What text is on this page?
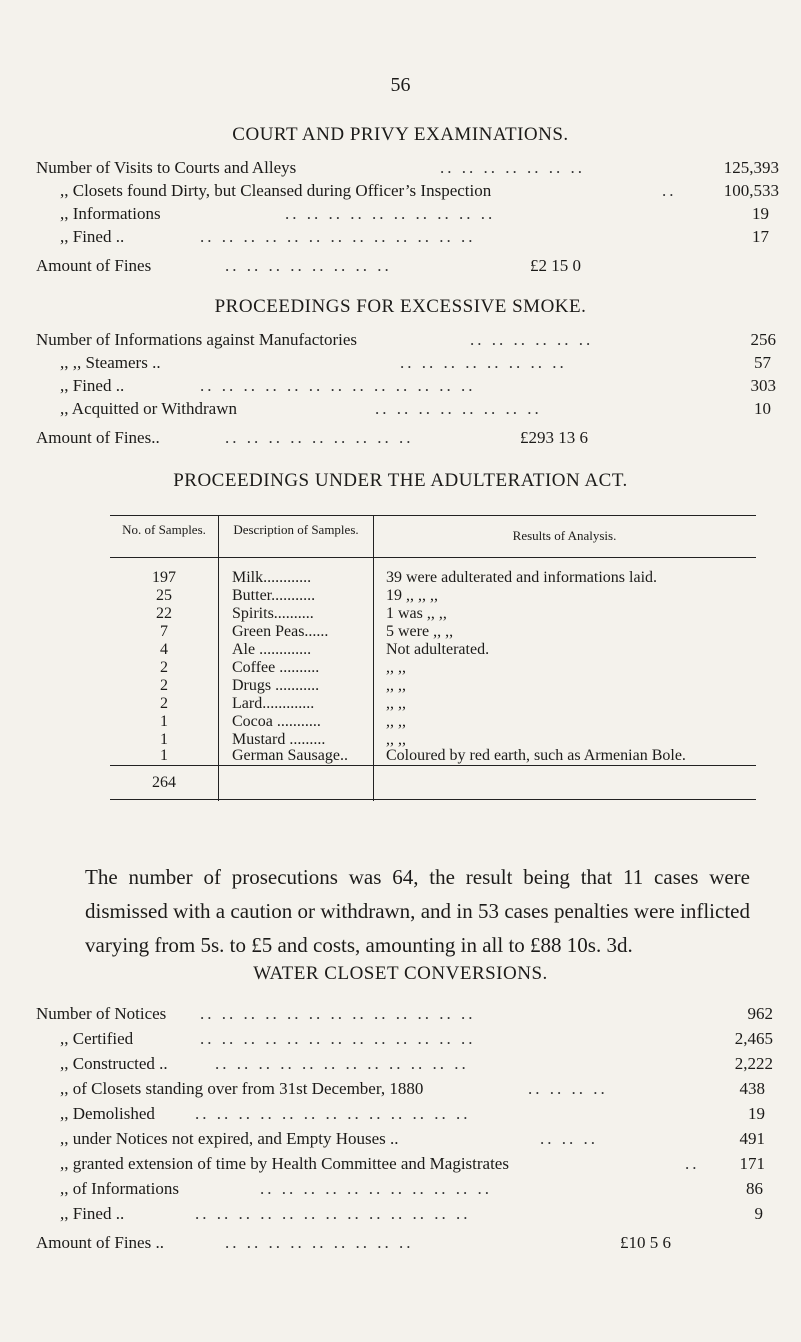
56
COURT AND PRIVY EXAMINATIONS.
Number of Visits to Courts and Alleys	.. .. .. .. .. .. ..	125,393
,, Closets found Dirty, but Cleansed during Officer’s Inspection	..	100,533
,, Informations	.. .. .. .. .. .. .. .. .. ..	19
,, Fined ..	.. .. .. .. .. .. .. .. .. .. .. .. ..	17
Amount of Fines	.. .. .. .. .. .. .. ..	£2 15 0
PROCEEDINGS FOR EXCESSIVE SMOKE.
Number of Informations against Manufactories	.. .. .. .. .. ..	256
,, ,, Steamers ..	.. .. .. .. .. .. .. ..	57
,, Fined ..	.. .. .. .. .. .. .. .. .. .. .. .. ..	303
,, Acquitted or Withdrawn	.. .. .. .. .. .. .. ..	10
Amount of Fines..	.. .. .. .. .. .. .. .. ..	£293 13 6
PROCEEDINGS UNDER THE ADULTERATION ACT.
No. of Samples.	Description of Samples.	Results of Analysis.
197	Milk............	39 were adulterated and informations laid.
25	Butter...........	19 ,, ,, ,,
22	Spirits..........	1 was ,, ,,
7	Green Peas......	5 were ,, ,,
4	Ale .............	Not adulterated.
2	Coffee ..........	,, ,,
2	Drugs ...........	,, ,,
2	Lard.............	,, ,,
1	Cocoa ...........	,, ,,
1	Mustard .........	,, ,,
1	German Sausage.. Coloured by red earth, such as Armenian Bole.
264
The number of prosecutions was 64, the result being that 11 cases were dismissed with a caution or withdrawn, and in 53 cases penalties were inflicted varying from 5s. to £5 and costs, amounting in all to £88 10s. 3d.
WATER CLOSET CONVERSIONS.
Number of Notices .. .. .. .. .. .. .. .. .. .. .. .. ..	962
,, Certified	.. .. .. .. .. .. .. .. .. .. .. .. ..	2,465
,, Constructed ..	.. .. .. .. .. .. .. .. .. .. .. ..	2,222
,, of Closets standing over from 31st December, 1880	.. .. .. ..	438
,, Demolished .. .. .. .. .. .. .. .. .. .. .. .. ..	19
,, under Notices not expired, and Empty Houses ..	.. .. ..	491
,, granted extension of time by Health Committee and Magistrates	.. 171
,, of Informations	.. .. .. .. .. .. .. .. .. .. ..	86
,, Fined ..	.. .. .. .. .. .. .. .. .. .. .. .. ..	9
Amount of Fines ..	.. .. .. .. .. .. .. .. ..	£10 5 6
